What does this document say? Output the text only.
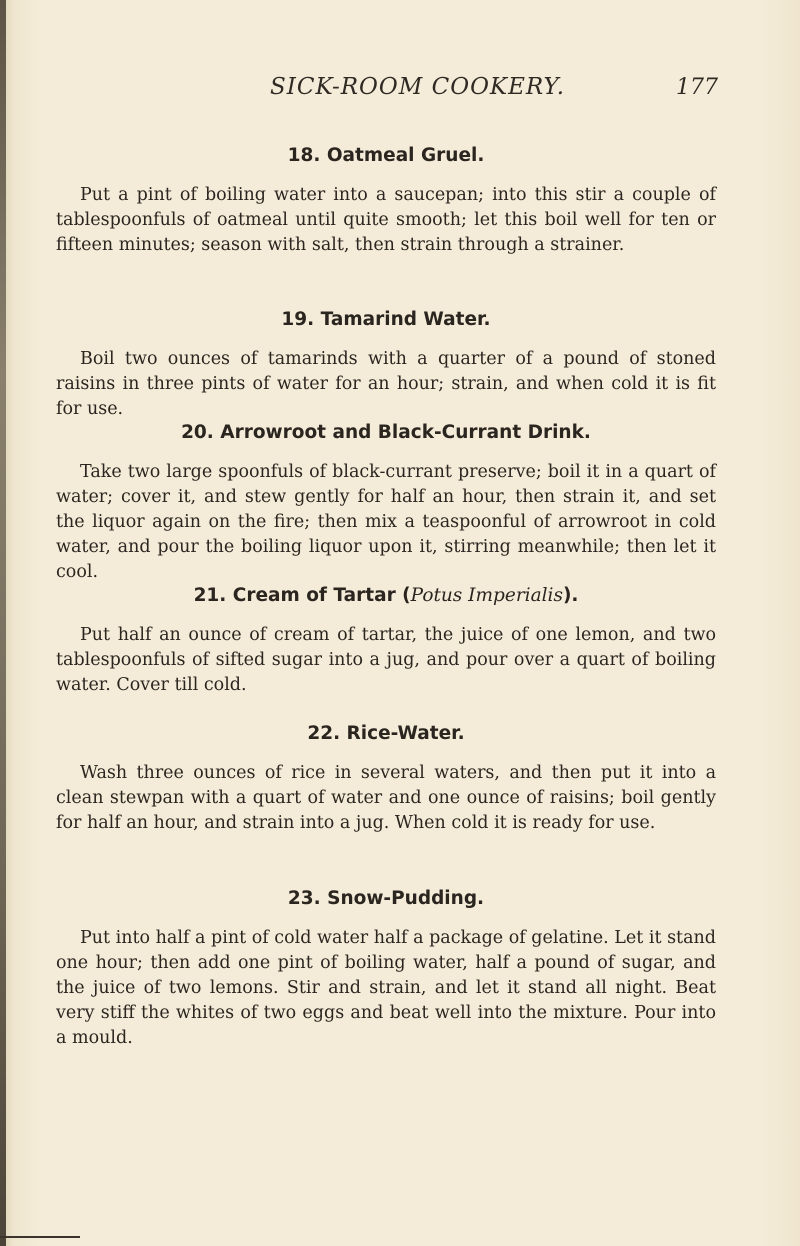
SICK-ROOM COOKERY.	177
18. Oatmeal Gruel.

Put a pint of boiling water into a saucepan; into this stir a couple of tablespoonfuls of oatmeal until quite smooth; let this boil well for ten or fifteen minutes; season with salt, then strain through a strainer.

19. Tamarind Water.

Boil two ounces of tamarinds with a quarter of a pound of stoned raisins in three pints of water for an hour; strain, and when cold it is fit for use.

20. Arrowroot and Black-Currant Drink.

Take two large spoonfuls of black-currant preserve; boil it in a quart of water; cover it, and stew gently for half an hour, then strain it, and set the liquor again on the fire; then mix a teaspoonful of arrowroot in cold water, and pour the boiling liquor upon it, stirring meanwhile; then let it cool.

21. Cream of Tartar (Potus Imperialis).

Put half an ounce of cream of tartar, the juice of one lemon, and two tablespoonfuls of sifted sugar into a jug, and pour over a quart of boiling water. Cover till cold.

22. Rice-Water.

Wash three ounces of rice in several waters, and then put it into a clean stewpan with a quart of water and one ounce of raisins; boil gently for half an hour, and strain into a jug. When cold it is ready for use.

23. Snow-Pudding.

Put into half a pint of cold water half a package of gelatine. Let it stand one hour; then add one pint of boiling water, half a pound of sugar, and the juice of two lemons. Stir and strain, and let it stand all night. Beat very stiff the whites of two eggs and beat well into the mixture. Pour into a mould.
